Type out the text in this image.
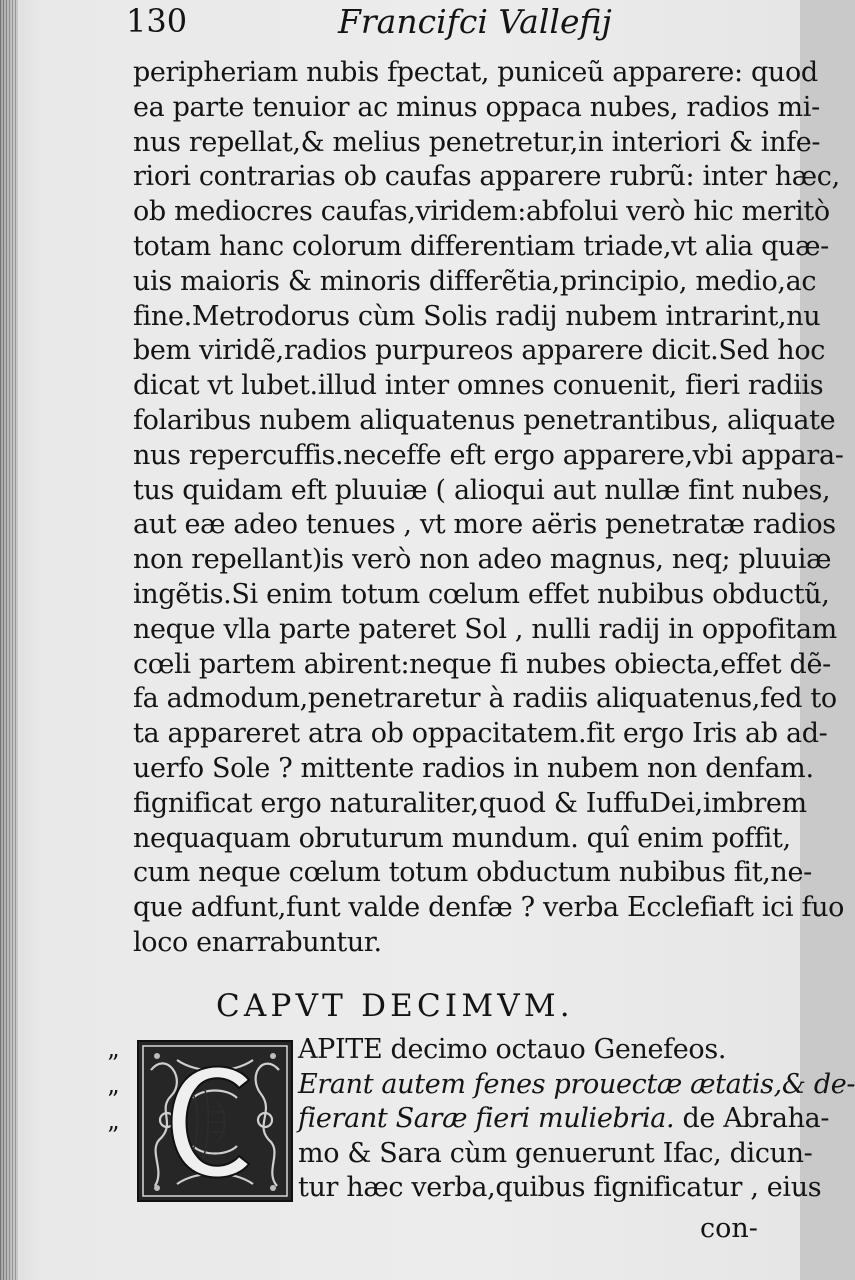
130	Francifci Vallefij
peripheriam nubis fpectat, puniceũ apparere: quod
ea parte tenuior ac minus oppaca nubes, radios mi-
nus repellat,& melius penetretur,in interiori & infe-
riori contrarias ob caufas apparere rubrũ: inter hæc,
ob mediocres caufas,viridem:abfolui verò hic meritò
totam hanc colorum differentiam triade,vt alia quæ-
uis maioris & minoris differẽtia,principio, medio,ac
fine.Metrodorus cùm Solis radij nubem intrarint,nu
bem viridẽ,radios purpureos apparere dicit.Sed hoc
dicat vt lubet.illud inter omnes conuenit, fieri radiis
folaribus nubem aliquatenus penetrantibus, aliquate
nus repercuffis.neceffe eft ergo apparere,vbi appara-
tus quidam eft pluuiæ ( alioqui aut nullæ fint nubes,
aut eæ adeo tenues , vt more aëris penetratæ radios
non repellant)is verò non adeo magnus, neq; pluuiæ
ingẽtis.Si enim totum cœlum effet nubibus obductũ,
neque vlla parte pateret Sol , nulli radij in oppofitam
cœli partem abirent:neque fi nubes obiecta,effet dẽ-
fa admodum,penetraretur à radiis aliquatenus,fed to
ta appareret atra ob oppacitatem.fit ergo Iris ab ad-
uerfo Sole ? mittente radios in nubem non denfam.
fignificat ergo naturaliter,quod & IuffuDei,imbrem
nequaquam obruturum mundum. quî enim poffit,
cum neque cœlum totum obductum nubibus fit,ne-
que adfunt,funt valde denfæ ? verba Ecclefiaft ici fuo
loco enarrabuntur.
CAPVT DECIMVM.
”
”
”
APITE decimo octauo Genefeos.
Erant autem fenes prouectæ ætatis,& de-
fierant Saræ fieri muliebria. de Abraha-
mo & Sara cùm genuerunt Ifac, dicun-
tur hæc verba,quibus fignificatur , eius
con-
